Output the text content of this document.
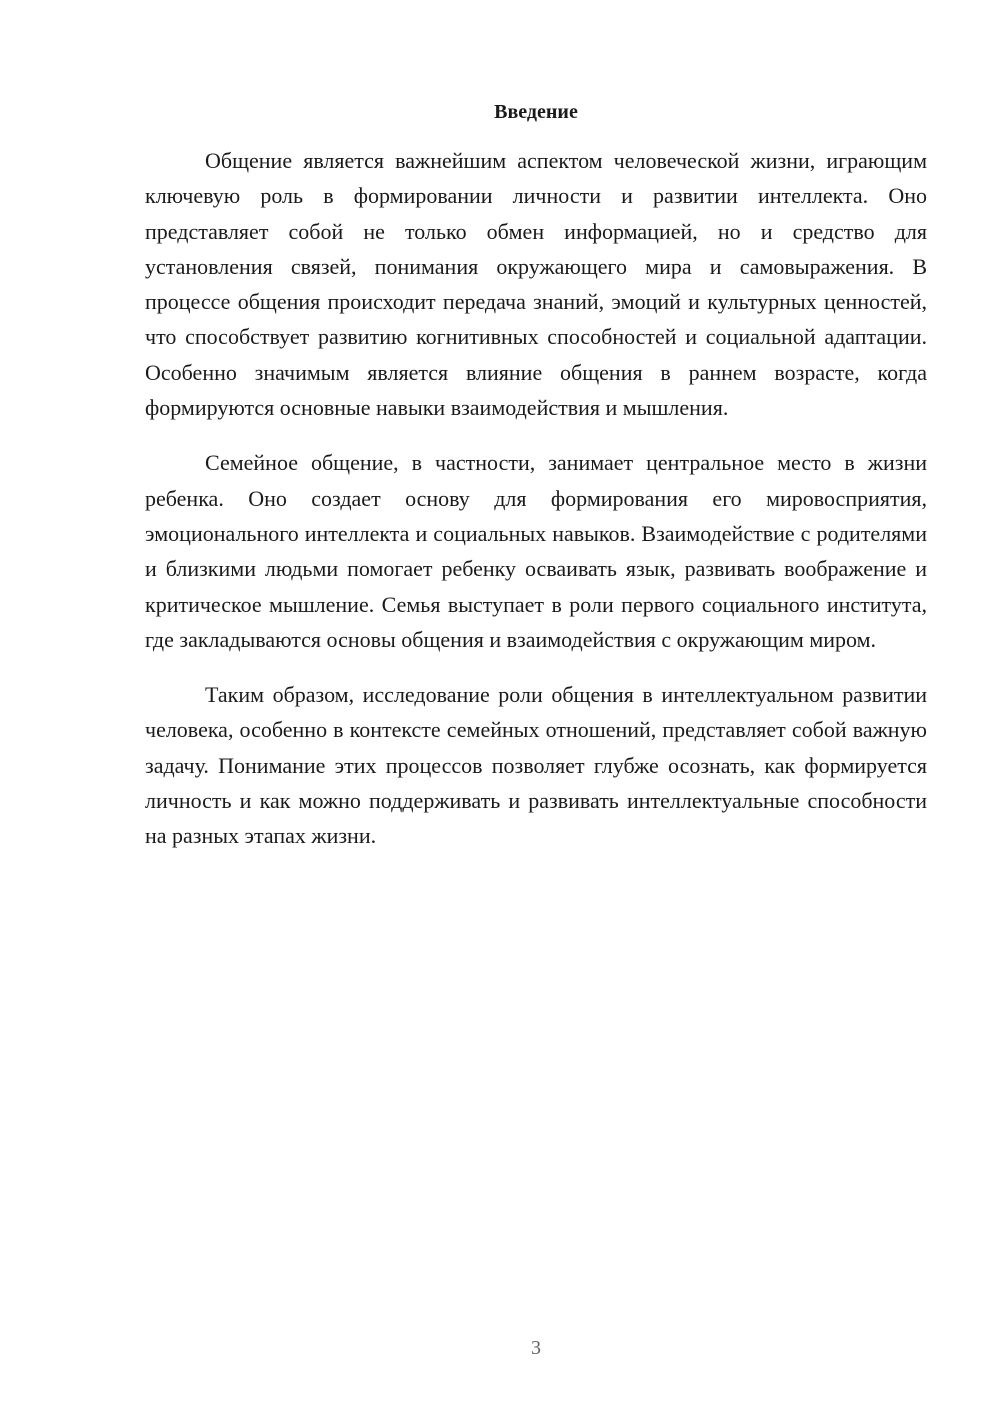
Введение

Общение является важнейшим аспектом человеческой жизни, играющим ключевую роль в формировании личности и развитии интеллекта. Оно представляет собой не только обмен информацией, но и средство для установления связей, понимания окружающего мира и самовыражения. В процессе общения происходит передача знаний, эмоций и культурных ценностей, что способствует развитию когнитивных способностей и социальной адаптации. Особенно значимым является влияние общения в раннем возрасте, когда формируются основные навыки взаимодействия и мышления.

Семейное общение, в частности, занимает центральное место в жизни ребенка. Оно создает основу для формирования его мировосприятия, эмоционального интеллекта и социальных навыков. Взаимодействие с родителями и близкими людьми помогает ребенку осваивать язык, развивать воображение и критическое мышление. Семья выступает в роли первого социального института, где закладываются основы общения и взаимодействия с окружающим миром.

Таким образом, исследование роли общения в интеллектуальном развитии человека, особенно в контексте семейных отношений, представляет собой важную задачу. Понимание этих процессов позволяет глубже осознать, как формируется личность и как можно поддерживать и развивать интеллектуальные способности на разных этапах жизни.

3
